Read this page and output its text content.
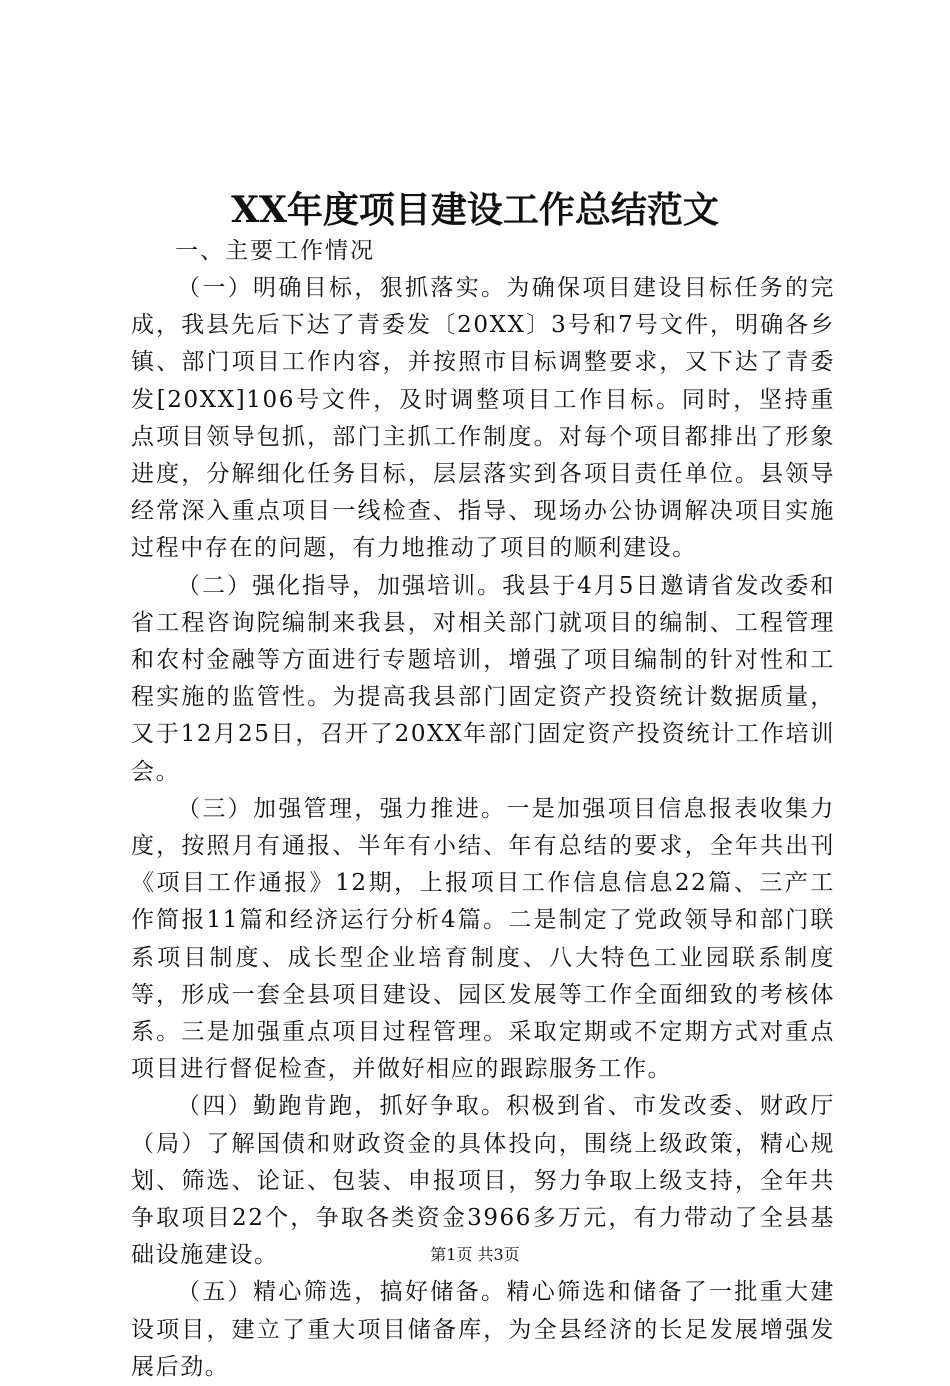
XX年度项目建设工作总结范文

一、主要工作情况

（一）明确目标，狠抓落实。为确保项目建设目标任务的完成，我县先后下达了青委发〔20XX〕3号和7号文件，明确各乡镇、部门项目工作内容，并按照市目标调整要求，又下达了青委发[20XX]106号文件，及时调整项目工作目标。同时，坚持重点项目领导包抓，部门主抓工作制度。对每个项目都排出了形象进度，分解细化任务目标，层层落实到各项目责任单位。县领导经常深入重点项目一线检查、指导、现场办公协调解决项目实施过程中存在的问题，有力地推动了项目的顺利建设。

（二）强化指导，加强培训。我县于4月5日邀请省发改委和省工程咨询院编制来我县，对相关部门就项目的编制、工程管理和农村金融等方面进行专题培训，增强了项目编制的针对性和工程实施的监管性。为提高我县部门固定资产投资统计数据质量，又于12月25日，召开了20XX年部门固定资产投资统计工作培训会。

（三）加强管理，强力推进。一是加强项目信息报表收集力度，按照月有通报、半年有小结、年有总结的要求，全年共出刊《项目工作通报》12期，上报项目工作信息信息22篇、三产工作简报11篇和经济运行分析4篇。二是制定了党政领导和部门联系项目制度、成长型企业培育制度、八大特色工业园联系制度等，形成一套全县项目建设、园区发展等工作全面细致的考核体系。三是加强重点项目过程管理。采取定期或不定期方式对重点项目进行督促检查，并做好相应的跟踪服务工作。

（四）勤跑肯跑，抓好争取。积极到省、市发改委、财政厅（局）了解国债和财政资金的具体投向，围绕上级政策，精心规划、筛选、论证、包装、申报项目，努力争取上级支持，全年共争取项目22个，争取各类资金3966多万元，有力带动了全县基础设施建设。

（五）精心筛选，搞好储备。精心筛选和储备了一批重大建设项目，建立了重大项目储备库，为全县经济的长足发展增强发展后劲。

第1页 共3页
